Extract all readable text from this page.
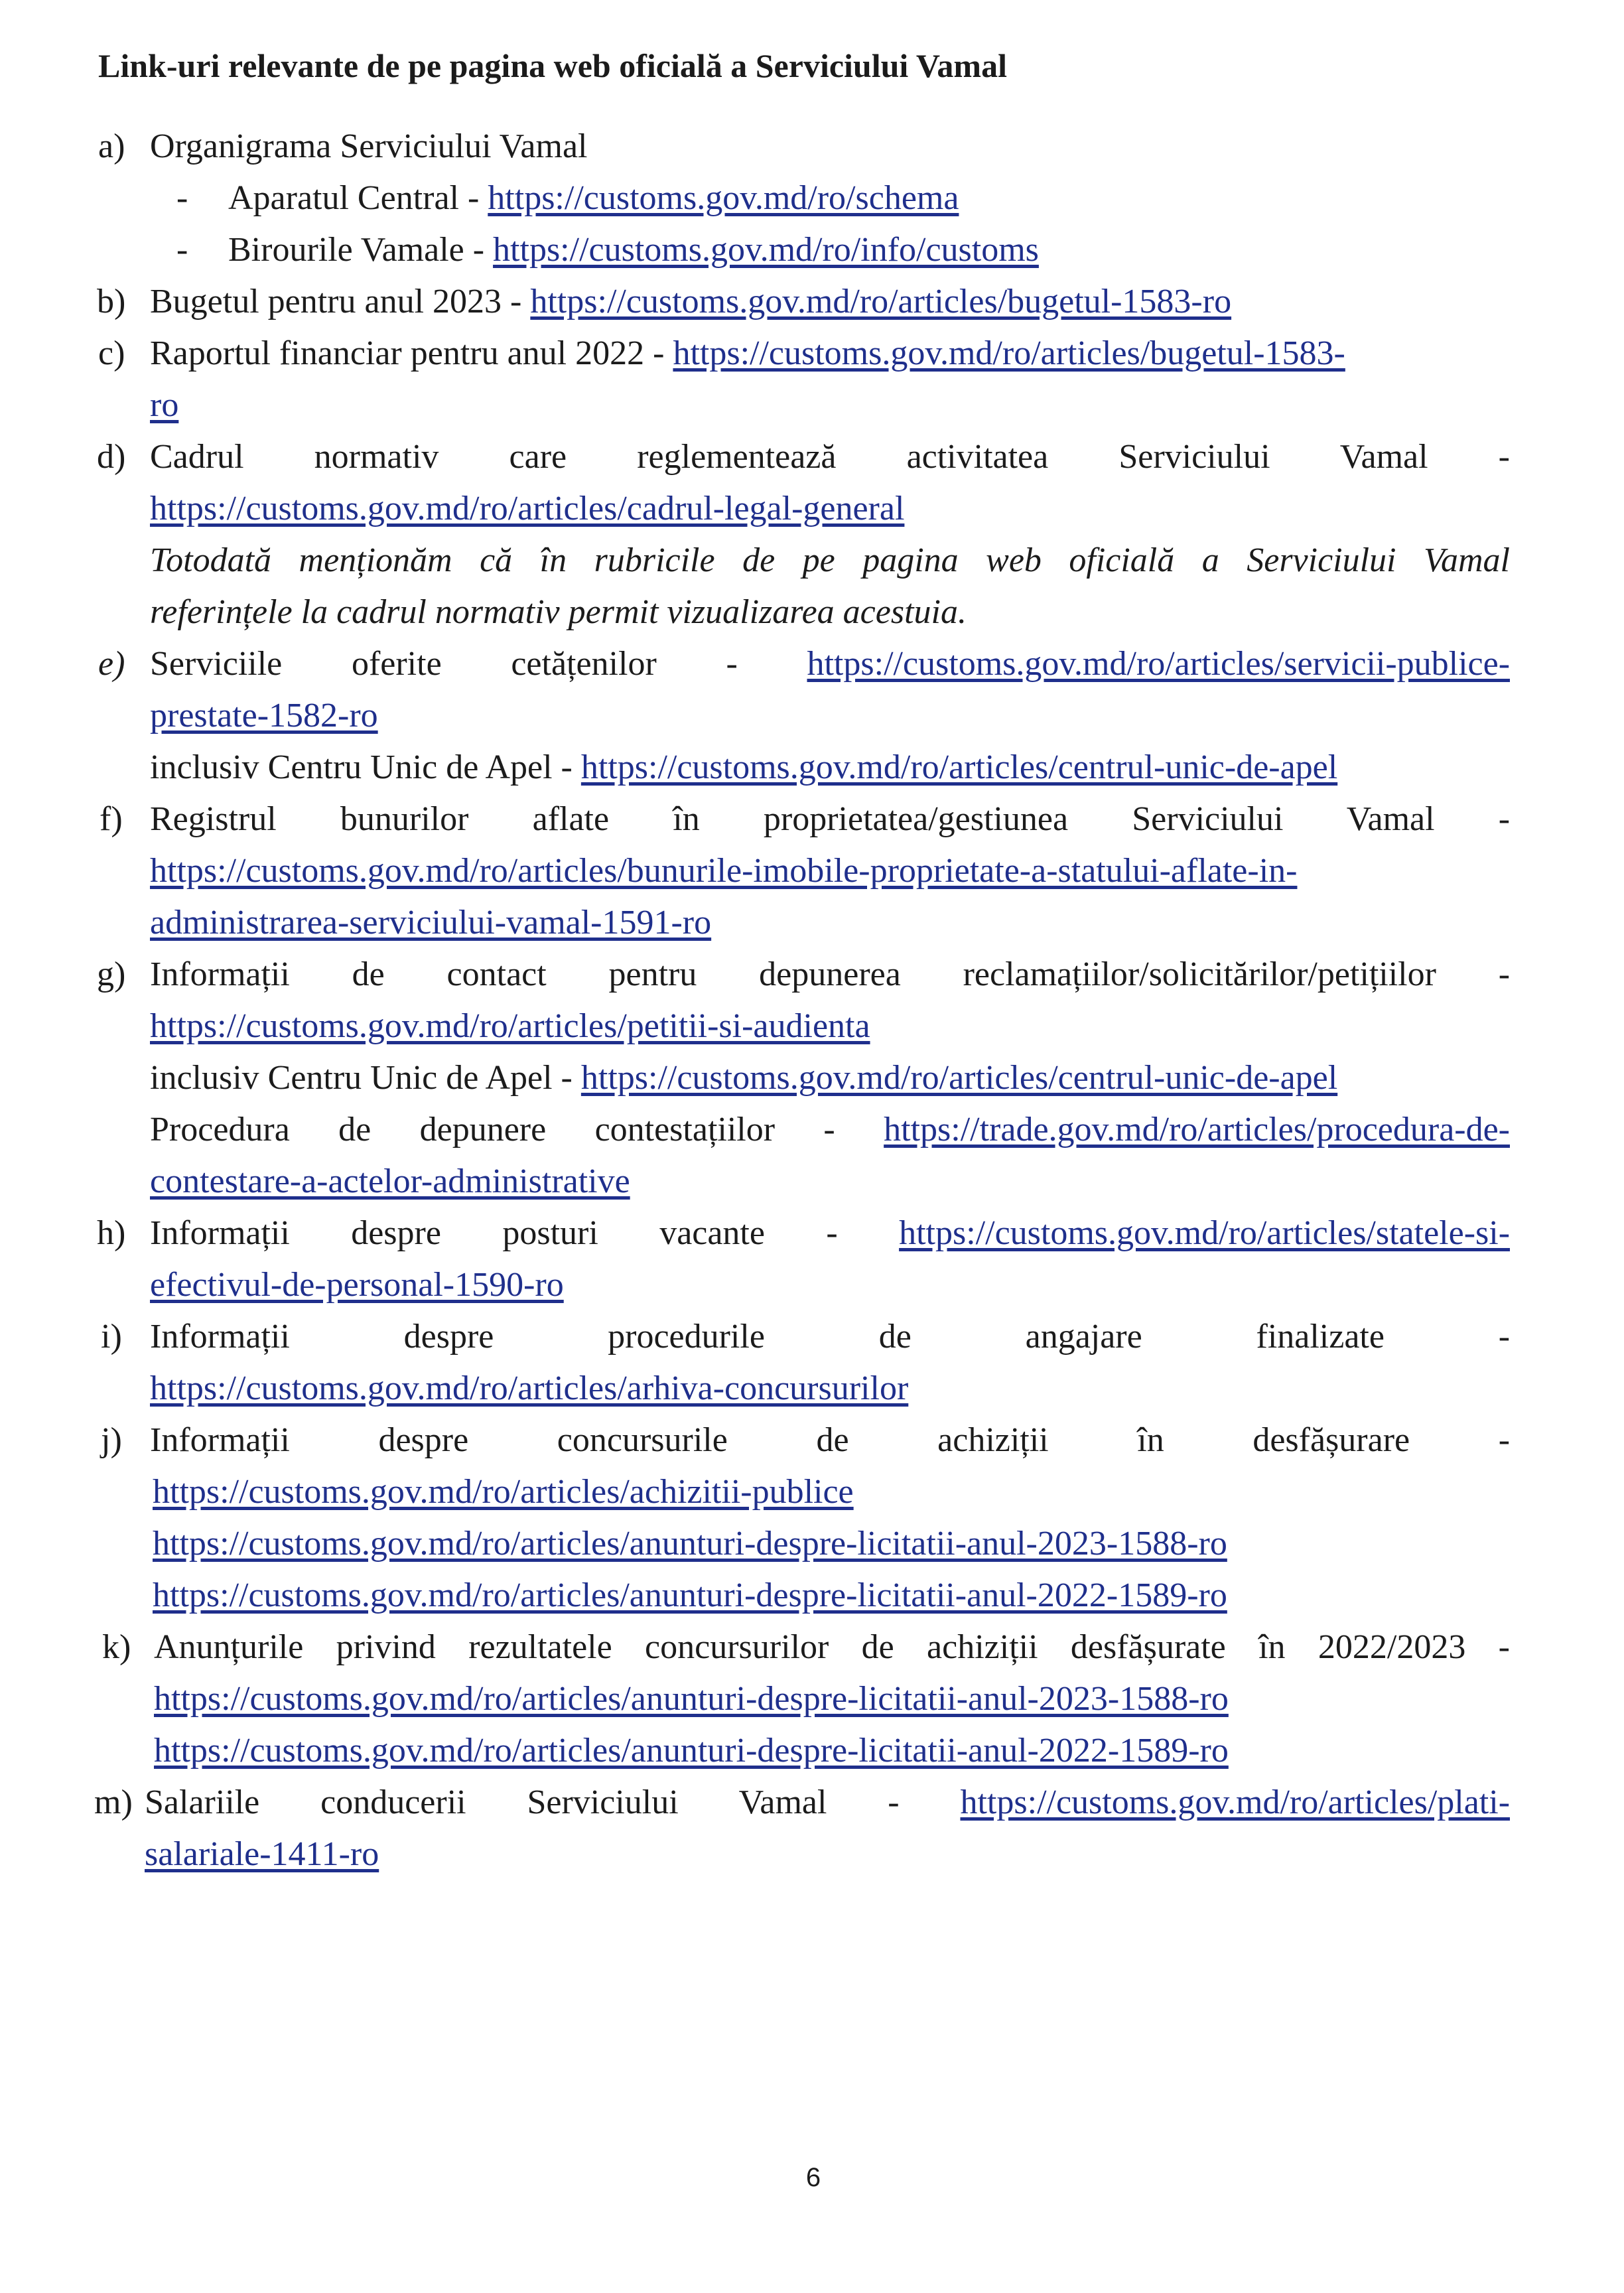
Link-uri relevante de pe pagina web oficială a Serviciului Vamal
a) Organigrama Serviciului Vamal
- Aparatul Central - https://customs.gov.md/ro/schema
- Birourile Vamale - https://customs.gov.md/ro/info/customs
b) Bugetul pentru anul 2023 - https://customs.gov.md/ro/articles/bugetul-1583-ro
c) Raportul financiar pentru anul 2022 - https://customs.gov.md/ro/articles/bugetul-1583-
ro
d) Cadrul normativ care reglementează activitatea Serviciului Vamal -
https://customs.gov.md/ro/articles/cadrul-legal-general
Totodată menționăm că în rubricile de pe pagina web oficială a Serviciului Vamal
referințele la cadrul normativ permit vizualizarea acestuia.
e) Serviciile oferite cetățenilor - https://customs.gov.md/ro/articles/servicii-publice-
prestate-1582-ro
inclusiv Centru Unic de Apel - https://customs.gov.md/ro/articles/centrul-unic-de-apel
f) Registrul bunurilor aflate în proprietatea/gestiunea Serviciului Vamal -
https://customs.gov.md/ro/articles/bunurile-imobile-proprietate-a-statului-aflate-in-
administrarea-serviciului-vamal-1591-ro
g) Informații de contact pentru depunerea reclamațiilor/solicitărilor/petițiilor -
https://customs.gov.md/ro/articles/petitii-si-audienta
inclusiv Centru Unic de Apel - https://customs.gov.md/ro/articles/centrul-unic-de-apel
Procedura de depunere contestațiilor - https://trade.gov.md/ro/articles/procedura-de-
contestare-a-actelor-administrative
h) Informații despre posturi vacante - https://customs.gov.md/ro/articles/statele-si-
efectivul-de-personal-1590-ro
i) Informații	despre	procedurile	de	angajare	finalizate	-
https://customs.gov.md/ro/articles/arhiva-concursurilor
j) Informații	despre	concursurile	de	achiziții	în	desfășurare	-
https://customs.gov.md/ro/articles/achizitii-publice
https://customs.gov.md/ro/articles/anunturi-despre-licitatii-anul-2023-1588-ro
https://customs.gov.md/ro/articles/anunturi-despre-licitatii-anul-2022-1589-ro
k) Anunțurile privind rezultatele concursurilor de achiziții desfășurate în 2022/2023 -
https://customs.gov.md/ro/articles/anunturi-despre-licitatii-anul-2023-1588-ro
https://customs.gov.md/ro/articles/anunturi-despre-licitatii-anul-2022-1589-ro
m) Salariile conducerii Serviciului Vamal - https://customs.gov.md/ro/articles/plati-
salariale-1411-ro
6
